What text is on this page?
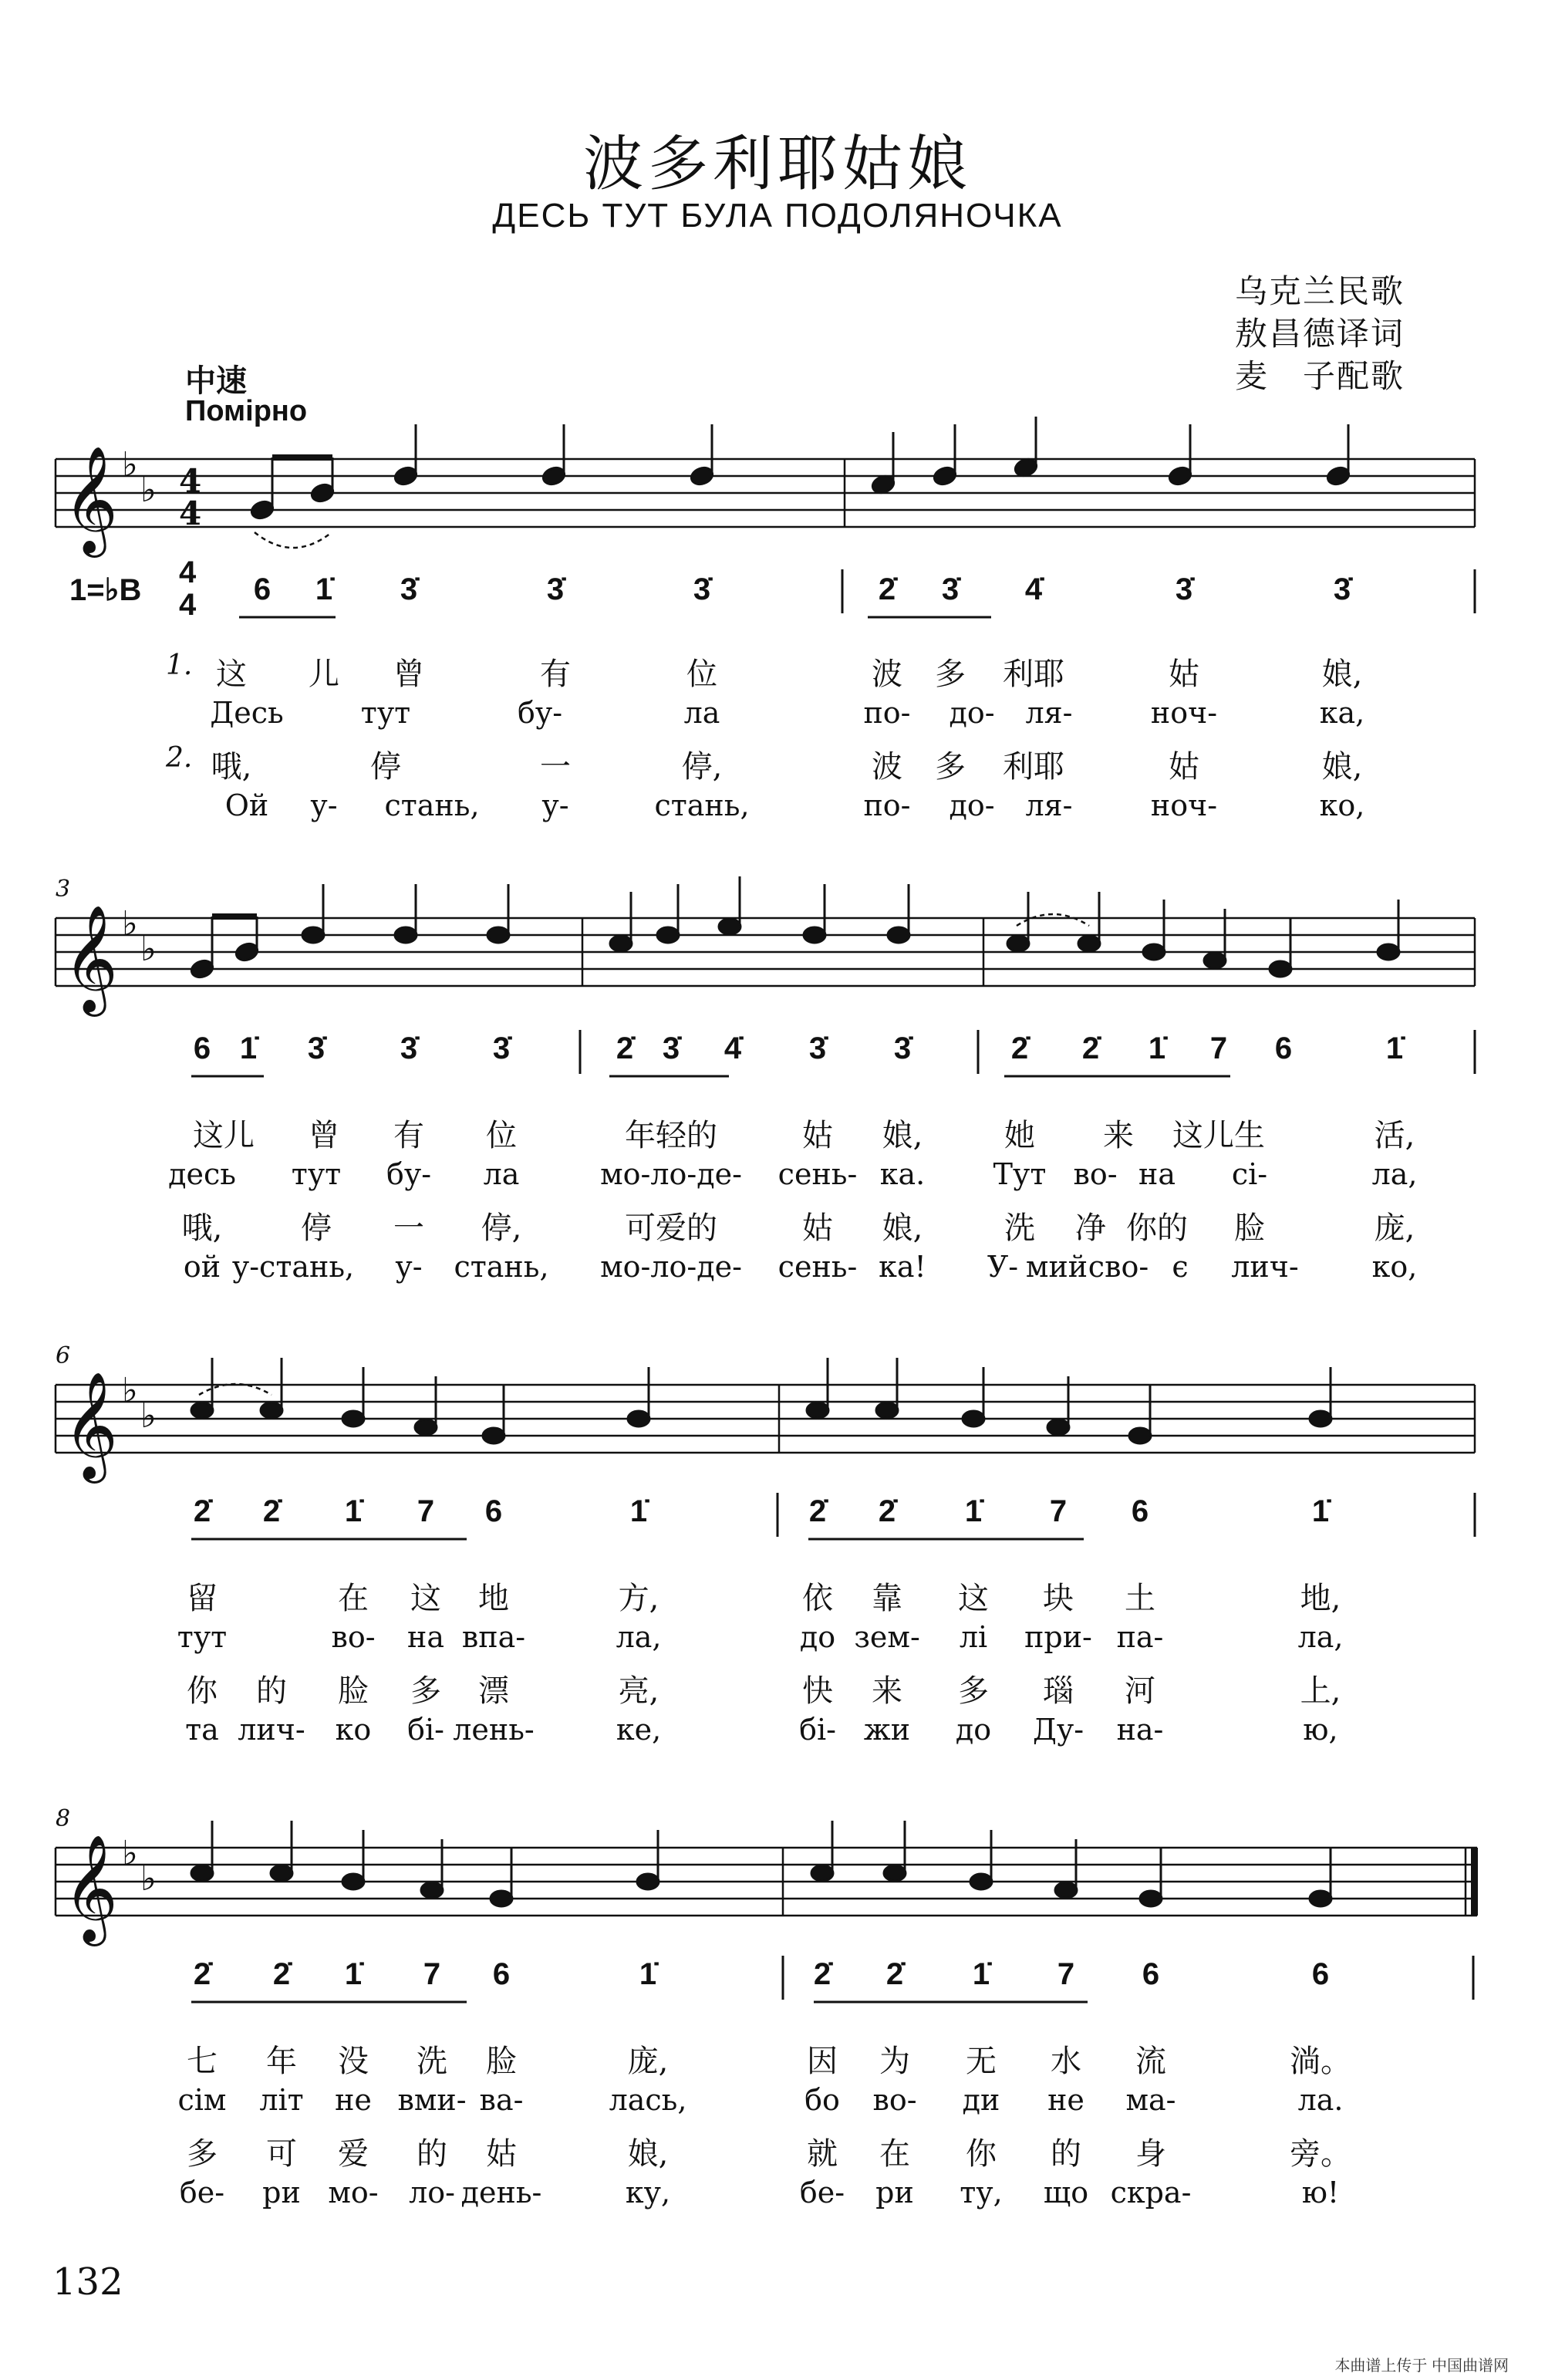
波多利耶姑娘
ДЕСЬ ТУТ БУЛА ПОДОЛЯНОЧКА
乌克兰民歌
敖昌德译词
麦　子配歌
中速
Помірно
𝄞
𝄞
𝄞
𝄞
♭
♭
♭
♭
♭
♭
♭
♭
4
4
1=♭B
4
4
3
6
8
1.
2.
6	1̇	3̇	3̇	3̇	2̇	3̇	4̇	3̇	3̇
这	儿	曾	有	位	波	多	利耶	姑	娘,
Десь	тут	бу-	ла	по-	до-	ля-	ноч-	ка,
哦,	停	一	停,	波	多	利耶	姑	娘,
Ой	у-	стань,	у-	стань,	по-	до-	ля-	ноч-	ко,
6 1̇	3̇	3̇	3̇	2̇ 3̇	4̇	3̇	3̇	2̇	2̇	1̇	7	6	1̇
这儿	曾	有	位	年轻的	姑	娘,	她	来	这儿生	活,
десь	тут	бу-	ла	мо-ло-де-	сень- ка.	Тут во- на	сі-	ла,
哦,	停	一	停,	可爱的	姑	娘,	洗	净 你的	脸	庞,
ой у-стань,	у-	стань,	мо-ло-де-	сень- ка!	У- мий сво- є	лич-	ко,
2̇	2̇	1̇	7	6	1̇	2̇	2̇	1̇	7	6	1̇
留	在	这	地	方,	依	靠	这	块	土	地,
тут	во-	на впа-	ла,	до зем-	лі	при- па-	ла,
你	的	脸	多	漂	亮,	快	来	多	瑙	河	上,
та лич-	ко	бі- лень-	ке,	бі- жи	до	Ду-	на-	ю,
2̇	2̇	1̇	7	6	1̇	2̇	2̇	1̇	7	6	6
七	年	没	洗	脸	庞,	因	为	无	水	流	淌。
сім	літ	не вми- ва-	лась,	бо	во-	ди	не	ма-	ла.
多	可	爱	的	姑	娘,	就	在	你	的	身	旁。
бе-	ри мо-	ло- день-	ку,	бе-	ри	ту,	що скра-	ю!
132
本曲谱上传于 中国曲谱网
